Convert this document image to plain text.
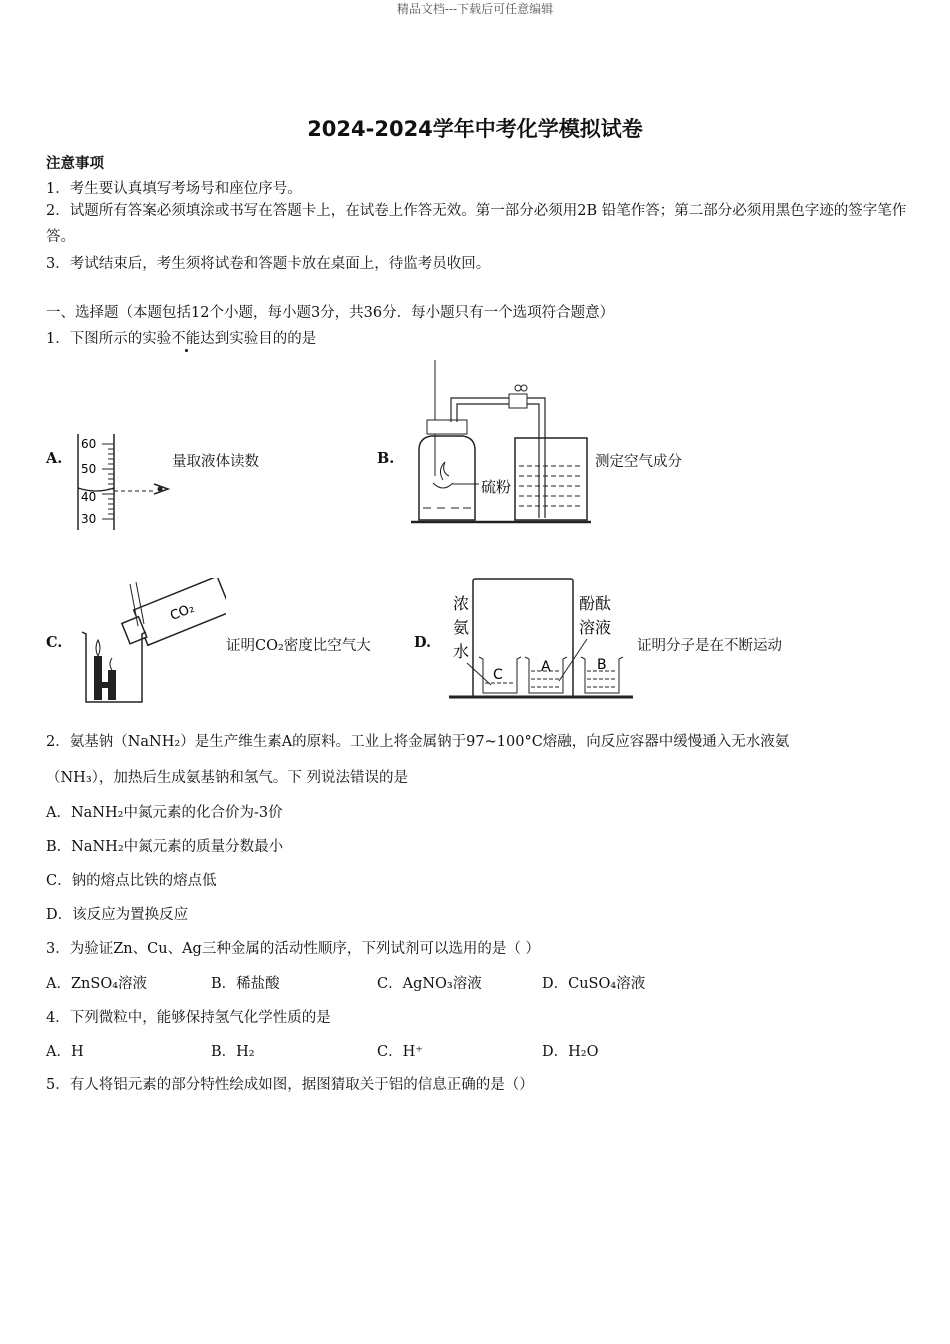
精品文档---下载后可任意编辑
2024-2024学年中考化学模拟试卷
注意事项
1．考生要认真填写考场号和座位序号。
2．试题所有答案必须填涂或书写在答题卡上，在试卷上作答无效。第一部分必须用2B 铅笔作答；第二部分必须用黑色字迹的签字笔作答。
3．考试结束后，考生须将试卷和答题卡放在桌面上，待监考员收回。
一、选择题（本题包括12个小题，每小题3分，共36分．每小题只有一个选项符合题意）
1．下图所示的实验不能达到实验目的的是
A.
60
50
40
30
量取液体读数	B.
硫粉
测定空气成分
C.
CO₂
证明CO₂密度比空气大	D.
浓
氨
水
酚酞
溶液
C	A	B
证明分子是在不断运动
2．氨基钠（NaNH₂）是生产维生素A的原料。工业上将金属钠于97~100°C熔融，向反应容器中缓慢通入无水液氨
（NH₃），加热后生成氨基钠和氢气。下 列说法错误的是
A．NaNH₂中氮元素的化合价为-3价
B．NaNH₂中氮元素的质量分数最小
C．钠的熔点比铁的熔点低
D．该反应为置换反应
3．为验证Zn、Cu、Ag三种金属的活动性顺序，下列试剂可以选用的是（ ）
A．ZnSO₄溶液	B．稀盐酸	C．AgNO₃溶液	D．CuSO₄溶液
4．下列微粒中，能够保持氢气化学性质的是
A．H	B．H₂	C．H⁺	D．H₂O
5．有人将铝元素的部分特性绘成如图，据图猜取关于铝的信息正确的是（）
